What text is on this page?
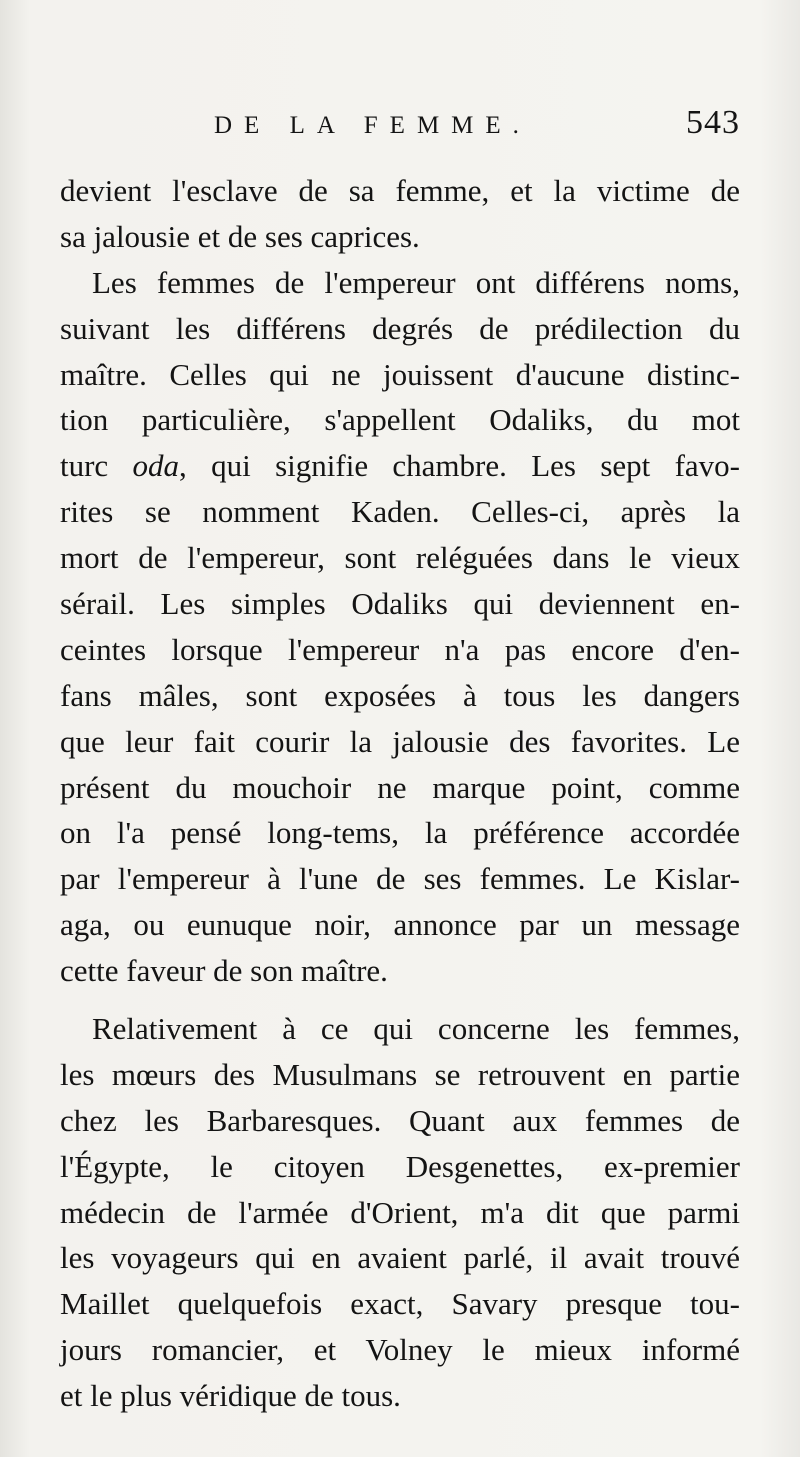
DE LA FEMME.	543
devient l'esclave de sa femme, et la victime de
sa jalousie et de ses caprices.
Les femmes de l'empereur ont différens noms,
suivant les différens degrés de prédilection du
maître. Celles qui ne jouissent d'aucune distinc-
tion particulière, s'appellent Odaliks, du mot
turc oda, qui signifie chambre. Les sept favo-
rites se nomment Kaden. Celles-ci, après la
mort de l'empereur, sont reléguées dans le vieux
sérail. Les simples Odaliks qui deviennent en-
ceintes lorsque l'empereur n'a pas encore d'en-
fans mâles, sont exposées à tous les dangers
que leur fait courir la jalousie des favorites. Le
présent du mouchoir ne marque point, comme
on l'a pensé long-tems, la préférence accordée
par l'empereur à l'une de ses femmes. Le Kislar-
aga, ou eunuque noir, annonce par un message
cette faveur de son maître.
Relativement à ce qui concerne les femmes,
les mœurs des Musulmans se retrouvent en partie
chez les Barbaresques. Quant aux femmes de
l'Égypte, le citoyen Desgenettes, ex-premier
médecin de l'armée d'Orient, m'a dit que parmi
les voyageurs qui en avaient parlé, il avait trouvé
Maillet quelquefois exact, Savary presque tou-
jours romancier, et Volney le mieux informé
et le plus véridique de tous.
